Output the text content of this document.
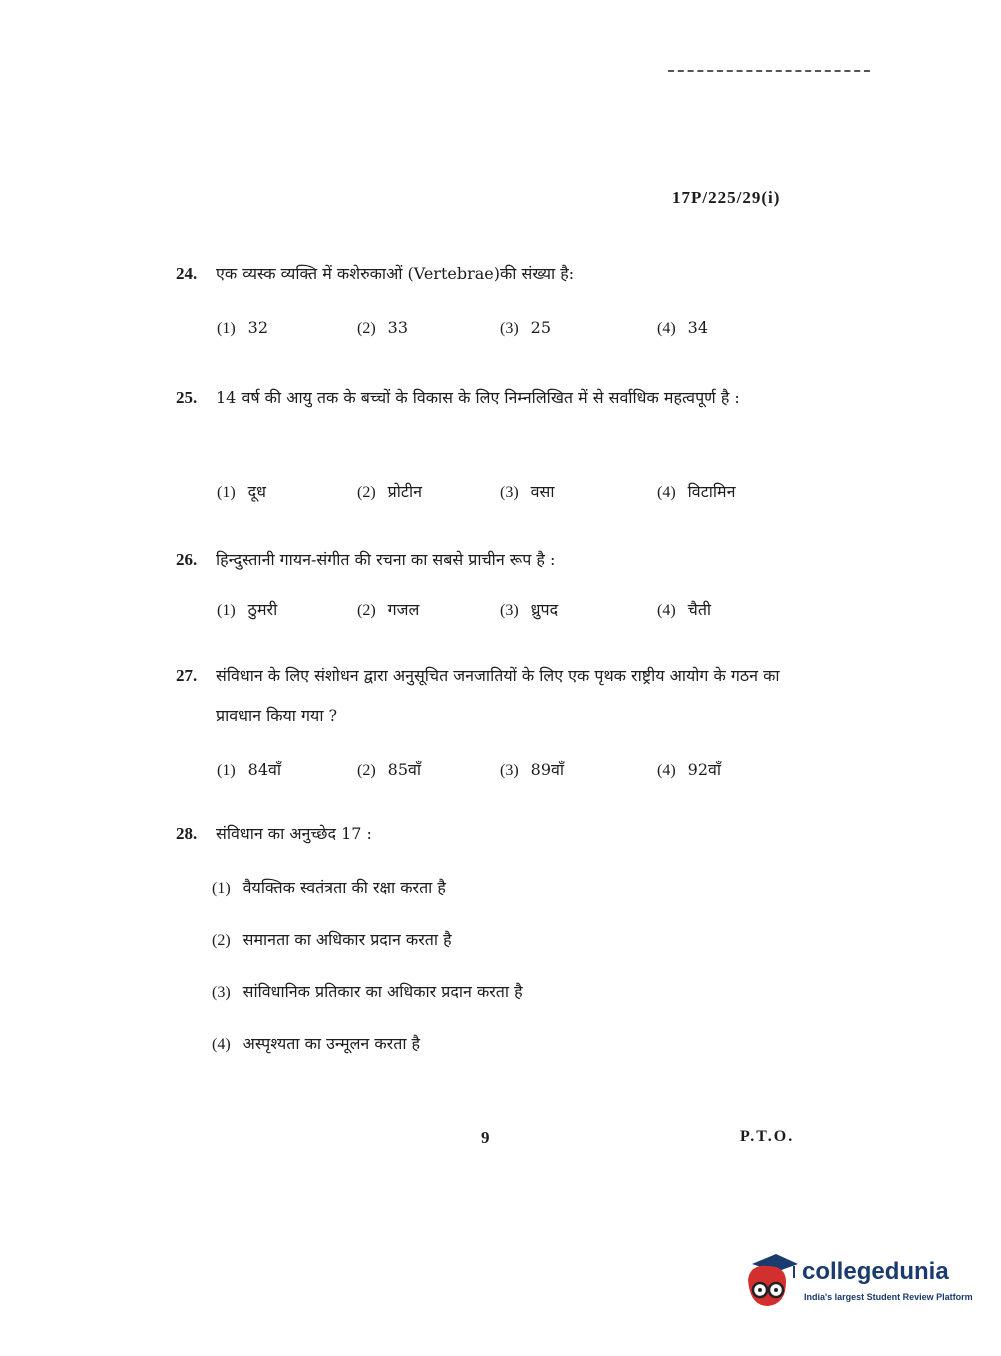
17P/225/29(i)
24. एक व्यस्क व्यक्ति में कशेरुकाओं (Vertebrae)की संख्या है:
(1) 32	(2) 33	(3) 25	(4) 34
25. 14 वर्ष की आयु तक के बच्चों के विकास के लिए निम्नलिखित में से सर्वाधिक महत्वपूर्ण है :
(1) दूध	(2) प्रोटीन	(3) वसा	(4) विटामिन
26. हिन्दुस्तानी गायन-संगीत की रचना का सबसे प्राचीन रूप है :
(1) ठुमरी	(2) गजल	(3) ध्रुपद	(4) चैती
27. संविधान के लिए संशोधन द्वारा अनुसूचित जनजातियों के लिए एक पृथक राष्ट्रीय आयोग के गठन का प्रावधान किया गया ?
(1) 84वाँ	(2) 85वाँ	(3) 89वाँ	(4) 92वाँ
28. संविधान का अनुच्छेद 17 :
(1) वैयक्तिक स्वतंत्रता की रक्षा करता है
(2) समानता का अधिकार प्रदान करता है
(3) सांविधानिक प्रतिकार का अधिकार प्रदान करता है
(4) अस्पृश्यता का उन्मूलन करता है
9	P.T.O.
collegedunia
India's largest Student Review Platform
